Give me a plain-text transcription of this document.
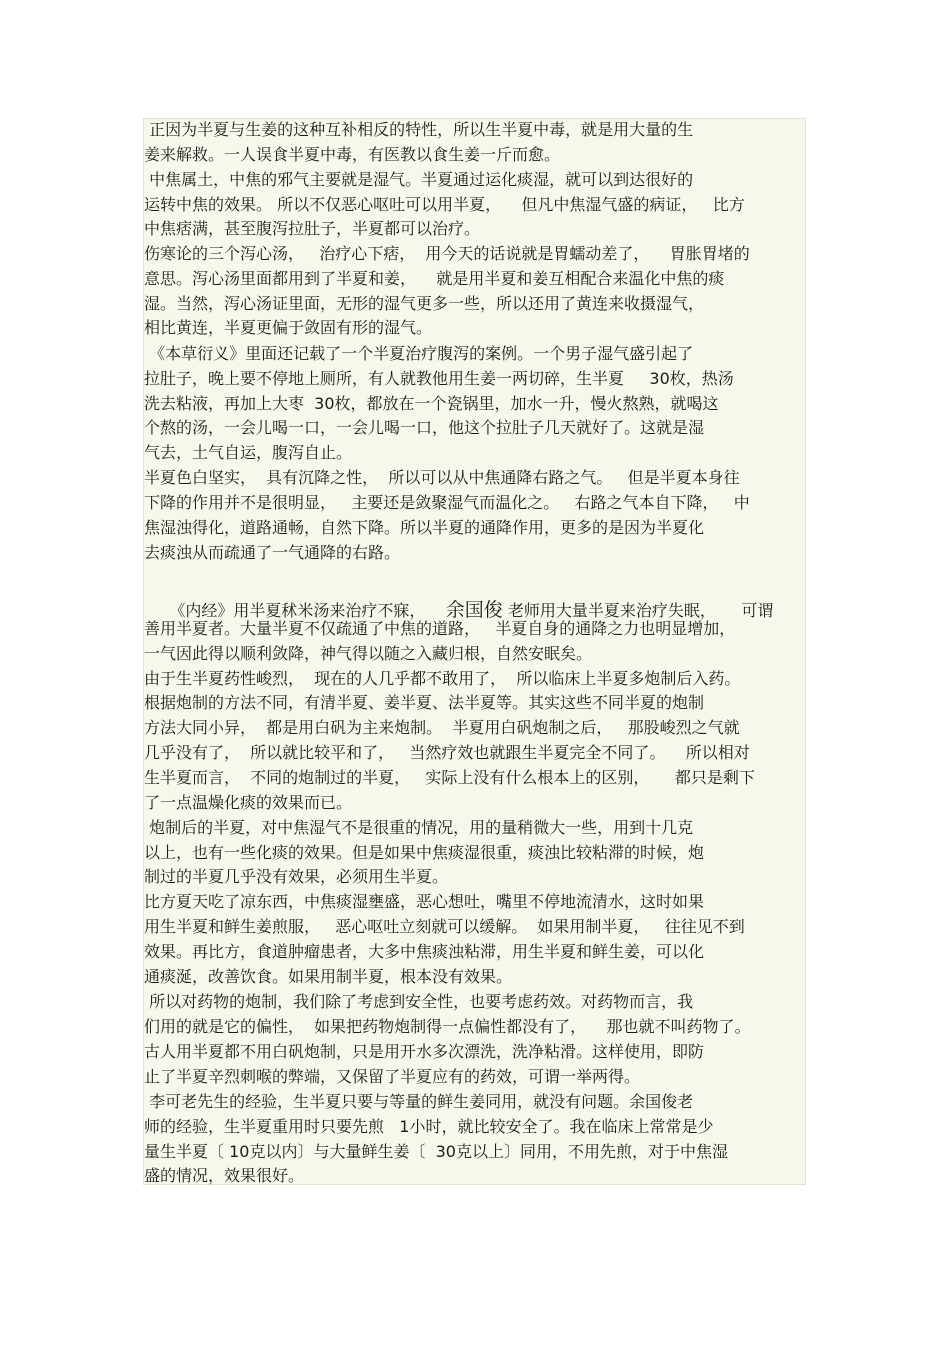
正因为半夏与生姜的这种互补相反的特性，所以生半夏中毒，就是用大量的生
姜来解救。一人误食半夏中毒，有医教以食生姜一斤而愈。
中焦属土，中焦的邪气主要就是湿气。半夏通过运化痰湿，就可以到达很好的
运转中焦的效果。 所以不仅恶心呕吐可以用半夏，    但凡中焦湿气盛的病证，   比方
中焦痞满，甚至腹泻拉肚子，半夏都可以治疗。
伤寒论的三个泻心汤，   治疗心下痞，  用今天的话说就是胃蠕动差了，    胃胀胃堵的
意思。泻心汤里面都用到了半夏和姜，    就是用半夏和姜互相配合来温化中焦的痰
湿。当然，泻心汤证里面，无形的湿气更多一些，所以还用了黄连来收摄湿气，
相比黄连，半夏更偏于敛固有形的湿气。
《本草衍义》里面还记载了一个半夏治疗腹泻的案例。一个男子湿气盛引起了
拉肚子，晚上要不停地上厕所，有人就教他用生姜一两切碎，生半夏     30枚，热汤
洗去粘液，再加上大枣  30枚，都放在一个瓷锅里，加水一升，慢火熬熟，就喝这
个熬的汤，一会儿喝一口，一会儿喝一口，他这个拉肚子几天就好了。这就是湿
气去，土气自运，腹泻自止。
半夏色白坚实，  具有沉降之性，  所以可以从中焦通降右路之气。   但是半夏本身往
下降的作用并不是很明显，   主要还是敛聚湿气而温化之。   右路之气本自下降，   中
焦湿浊得化，道路通畅，自然下降。所以半夏的通降作用，更多的是因为半夏化
去痰浊从而疏通了一气通降的右路。

《内经》用半夏秫米汤来治疗不寐，    余国俊 老师用大量半夏来治疗失眠，     可谓

善用半夏者。大量半夏不仅疏通了中焦的道路，   半夏自身的通降之力也明显增加，
一气因此得以顺利敛降，神气得以随之入藏归根，自然安眠矣。
由于生半夏药性峻烈，  现在的人几乎都不敢用了，  所以临床上半夏多炮制后入药。
根据炮制的方法不同，有清半夏、姜半夏、法半夏等。其实这些不同半夏的炮制
方法大同小异，  都是用白矾为主来炮制。  半夏用白矾炮制之后，   那股峻烈之气就
几乎没有了，  所以就比较平和了，   当然疗效也就跟生半夏完全不同了。    所以相对
生半夏而言，  不同的炮制过的半夏，   实际上没有什么根本上的区别，     都只是剩下
了一点温燥化痰的效果而已。
炮制后的半夏，对中焦湿气不是很重的情况，用的量稍微大一些，用到十几克
以上，也有一些化痰的效果。但是如果中焦痰湿很重，痰浊比较粘滞的时候，炮
制过的半夏几乎没有效果，必须用生半夏。
比方夏天吃了凉东西，中焦痰湿壅盛，恶心想吐，嘴里不停地流清水，这时如果
用生半夏和鲜生姜煎服，   恶心呕吐立刻就可以缓解。  如果用制半夏，   往往见不到
效果。再比方，食道肿瘤患者，大多中焦痰浊粘滞，用生半夏和鲜生姜，可以化
通痰涎，改善饮食。如果用制半夏，根本没有效果。
所以对药物的炮制，我们除了考虑到安全性，也要考虑药效。对药物而言，我
们用的就是它的偏性，  如果把药物炮制得一点偏性都没有了，    那也就不叫药物了。
古人用半夏都不用白矾炮制，只是用开水多次漂洗，洗净粘滑。这样使用，即防
止了半夏辛烈刺喉的弊端，又保留了半夏应有的药效，可谓一举两得。
李可老先生的经验，生半夏只要与等量的鲜生姜同用，就没有问题。余国俊老
师的经验，生半夏重用时只要先煎   1小时，就比较安全了。我在临床上常常是少
量生半夏〔 10克以内〕与大量鲜生姜〔  30克以上〕同用，不用先煎，对于中焦湿
盛的情况，效果很好。
